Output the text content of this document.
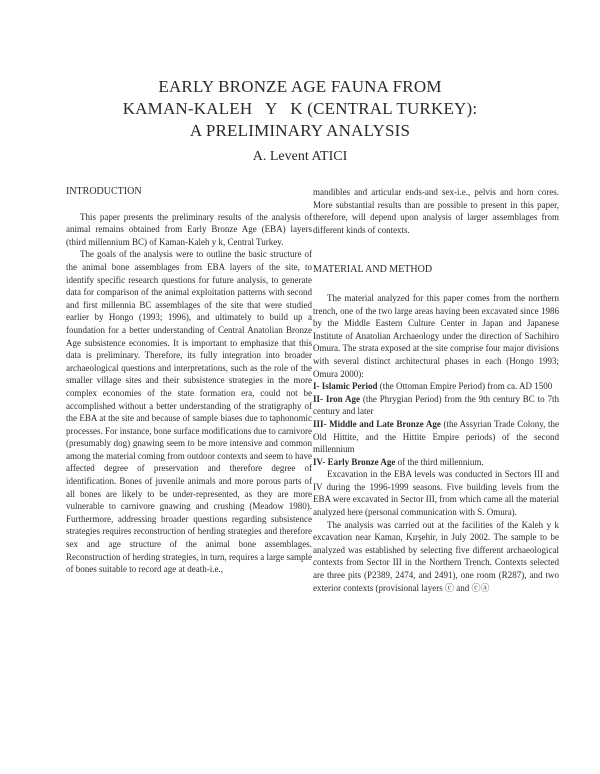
EARLY BRONZE AGE FAUNA FROM
KAMAN-KALEH   Y   K (CENTRAL TURKEY):
A PRELIMINARY ANALYSIS
A. Levent ATICI
INTRODUCTION

This paper presents the preliminary results of the analysis of animal remains obtained from Early Bronze Age (EBA) layers (third millennium BC) of Kaman-Kaleh y k, Central Turkey.

The goals of the analysis were to outline the basic structure of the animal bone assemblages from EBA layers of the site, to identify specific research questions for future analysis, to generate data for comparison of the animal exploitation patterns with second and first millennia BC assemblages of the site that were studied earlier by Hongo (1993; 1996), and ultimately to build up a foundation for a better understanding of Central Anatolian Bronze Age subsistence economies. It is important to emphasize that this data is preliminary. Therefore, its fully integration into broader archaeological questions and interpretations, such as the role of the smaller village sites and their subsistence strategies in the more complex economies of the state formation era, could not be accomplished without a better understanding of the stratigraphy of the EBA at the site and because of sample biases due to taphonomic processes. For instance, bone surface modifications due to carnivore (presumably dog) gnawing seem to be more intensive and common among the material coming from outdoor contexts and seem to have affected degree of preservation and therefore degree of identification. Bones of juvenile animals and more porous parts of all bones are likely to be under-represented, as they are more vulnerable to carnivore gnawing and crushing (Meadow 1980). Furthermore, addressing broader questions regarding subsistence strategies requires reconstruction of herding strategies and therefore sex and age structure of the animal bone assemblages. Reconstruction of herding strategies, in turn, requires a large sample of bones suitable to record age at death-i.e.,

mandibles and articular ends-and sex-i.e., pelvis and horn cores. More substantial results than are possible to present in this paper, therefore, will depend upon analysis of larger assemblages from different kinds of contexts.

MATERIAL AND METHOD

The material analyzed for this paper comes from the northern trench, one of the two large areas having been excavated since 1986 by the Middle Eastern Culture Center in Japan and Japanese Institute of Anatolian Archaeology under the direction of Sachihiro Omura. The strata exposed at the site comprise four major divisions with several distinct architectural phases in each (Hongo 1993; Omura 2000):

I- Islamic Period (the Ottoman Empire Period) from ca. AD 1500
II- Iron Age (the Phrygian Period) from the 9th century BC to 7th century and later
III- Middle and Late Bronze Age (the Assyrian Trade Colony, the Old Hittite, and the Hittite Empire periods) of the second millennium
IV- Early Bronze Age of the third millennium.

Excavation in the EBA levels was conducted in Sectors III and IV during the 1996-1999 seasons. Five building levels from the EBA were excavated in Sector III, from which came all the material analyzed here (personal communication with S. Omura).

The analysis was carried out at the facilities of the Kaleh y k excavation near Kaman, Kırşehir, in July 2002. The sample to be analyzed was established by selecting five different archaeological contexts from Sector III in the Northern Trench. Contexts selected are three pits (P2389, 2474, and 2491), one room (R287), and two exterior contexts (provisional layers ⓒ and ⓒⓐ
